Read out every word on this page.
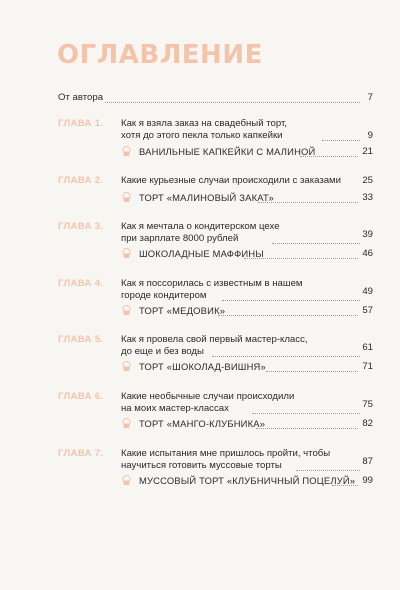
ОГЛАВЛЕНИЕ
От автора	7
ГЛАВА 1. Как я взяла заказ на свадебный торт,
хотя до этого пекла только капкейки	9
ВАНИЛЬНЫЕ КАПКЕЙКИ С МАЛИНОЙ	21
ГЛАВА 2. Какие курьезные случаи происходили с заказами	25
ТОРТ «МАЛИНОВЫЙ ЗАКАТ»	33
ГЛАВА 3. Как я мечтала о кондитерском цехе
при зарплате 8000 рублей	39
ШОКОЛАДНЫЕ МАФФИНЫ	46
ГЛАВА 4. Как я поссорилась с известным в нашем
городе кондитером	49
ТОРТ «МЕДОВИК»	57
ГЛАВА 5. Как я провела свой первый мастер-класс,
до еще и без воды	61
ТОРТ «ШОКОЛАД-ВИШНЯ»	71
ГЛАВА 6. Какие необычные случаи происходили
на моих мастер-классах	75
ТОРТ «МАНГО-КЛУБНИКА»	82
ГЛАВА 7. Какие испытания мне пришлось пройти, чтобы
научиться готовить муссовые торты	87
МУССОВЫЙ ТОРТ «КЛУБНИЧНЫЙ ПОЦЕЛУЙ» 99
